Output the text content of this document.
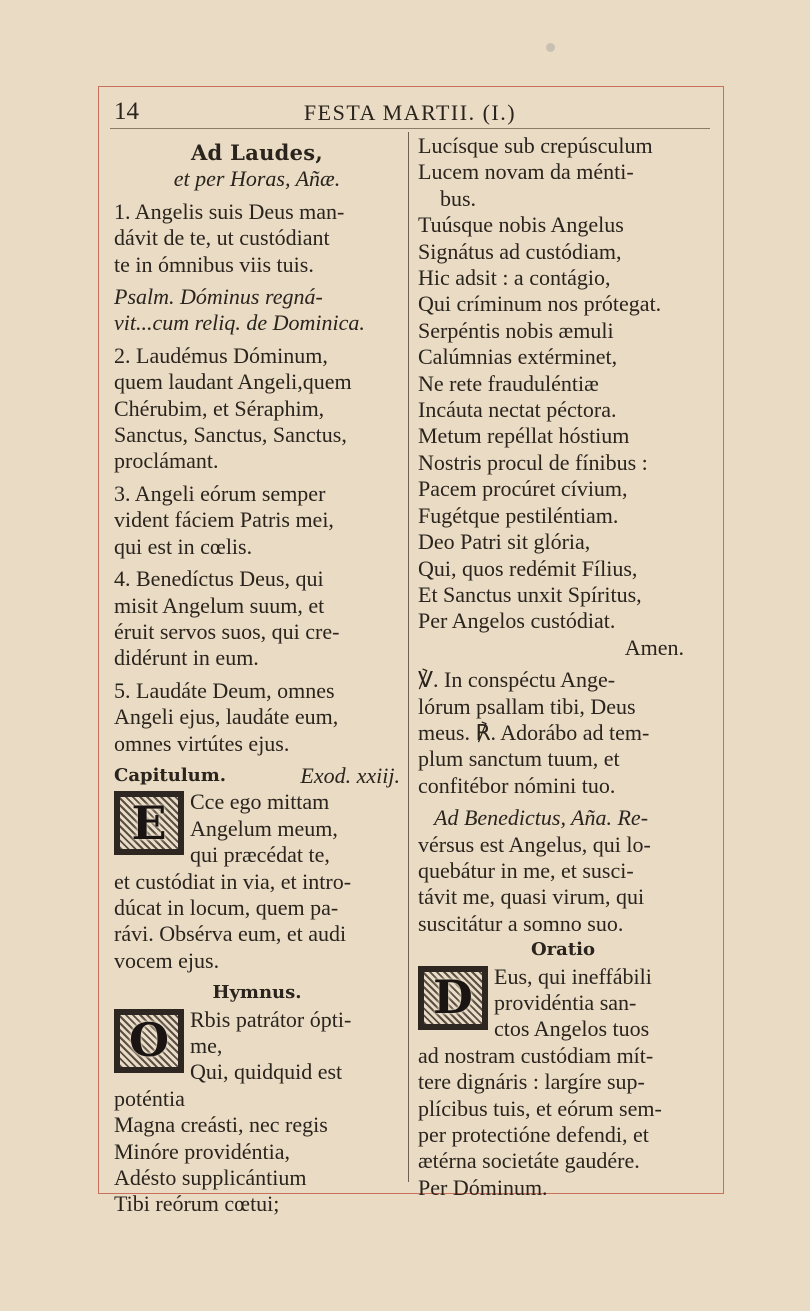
14	FESTA MARTII. (I.)

Ad Laudes,

et per Horas, Añæ.

1. Angelis suis Deus man-

dávit de te, ut custódiant

te in ómnibus viis tuis.

Psalm. Dóminus regná-

vit...cum reliq. de Dominica.

2. Laudémus Dóminum,

quem laudant Angeli,quem

Chérubim, et Séraphim,

Sanctus, Sanctus, Sanctus,

proclámant.

3. Angeli eórum semper

vident fáciem Patris mei,

qui est in cœlis.

4. Benedíctus Deus, qui

misit Angelum suum, et

éruit servos suos, qui cre-

didérunt in eum.

5. Laudáte Deum, omnes

Angeli ejus, laudáte eum,

omnes virtútes ejus.

Capitulum.	Exod. xxiij.

E	Cce ego mittam

Angelum meum,

qui præcédat te,

et custódiat in via, et intro-

dúcat in locum, quem pa-

rávi. Obsérva eum, et audi

vocem ejus.

Hymnus.

O Rbis patrátor ópti-

me,

Qui, quidquid est

poténtia

Magna creásti, nec regis

Minóre providéntia,

Adésto supplicántium

Tibi reórum cœtui;

Lucísque sub crepúsculum

Lucem novam da ménti-

bus.

Tuúsque nobis Angelus

Signátus ad custódiam,

Hic adsit : a contágio,

Qui críminum nos prótegat.

Serpéntis nobis æmuli

Calúmnias extérminet,

Ne rete frauduléntiæ

Incáuta nectat péctora.

Metum repéllat hóstium

Nostris procul de fínibus :

Pacem procúret cívium,

Fugétque pestiléntiam.

Deo Patri sit glória,

Qui, quos redémit Fílius,

Et Sanctus unxit Spíritus,

Per Angelos custódiat.

Amen.

℣. In conspéctu Ange-

lórum psallam tibi, Deus

meus. ℟. Adorábo ad tem-

plum sanctum tuum, et

confitébor nómini tuo.

Ad Benedictus, Aña. Re-

vérsus est Angelus, qui lo-

quebátur in me, et susci-

távit me, quasi virum, qui

suscitátur a somno suo.

Oratio

D Eus, qui ineffábili

providéntia san-

ctos Angelos tuos

ad nostram custódiam mít-

tere dignáris : largíre sup-

plícibus tuis, et eórum sem-

per protectióne defendi, et

ætérna societáte gaudére.

Per Dóminum.
